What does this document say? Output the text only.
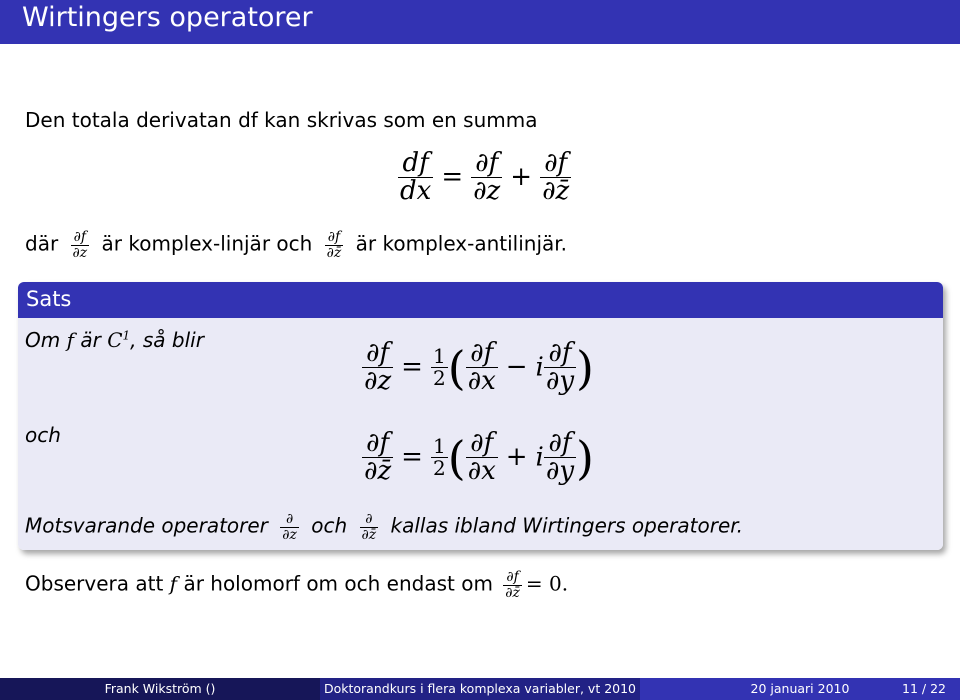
Wirtingers operatorer
Den totala derivatan df kan skrivas som en summa
$\frac{df}{dx} = \frac{\partial f}{\partial z} + \frac{\partial f}{\partial z̄}$
där $\frac{\partial f}{\partial z}$ är komplex-linjär och $\frac{\partial f}{\partial z̄}$ är komplex-antilinjär.
Sats
Om f är $C^1$, så blir	$\frac{\partial f}{\partial z} = \frac{1}{2}$ ( $\frac{\partial f}{\partial x} - i \frac{\partial f}{\partial y}$ )
och	$\frac{\partial f}{\partial z̄} = \frac{1}{2}$ ( $\frac{\partial f}{\partial x} + i \frac{\partial f}{\partial y}$ )
Motsvarande operatorer $\frac{\partial}{\partial z}$ och $\frac{\partial}{\partial z̄}$ kallas ibland Wirtingers operatorer.
Observera att f är holomorf om och endast om $\frac{\partial f}{\partial z̄} = 0$.
Frank Wikström ()	Doktorandkurs i flera komplexa variabler, vt 2010	20 januari 2010	11 / 22
